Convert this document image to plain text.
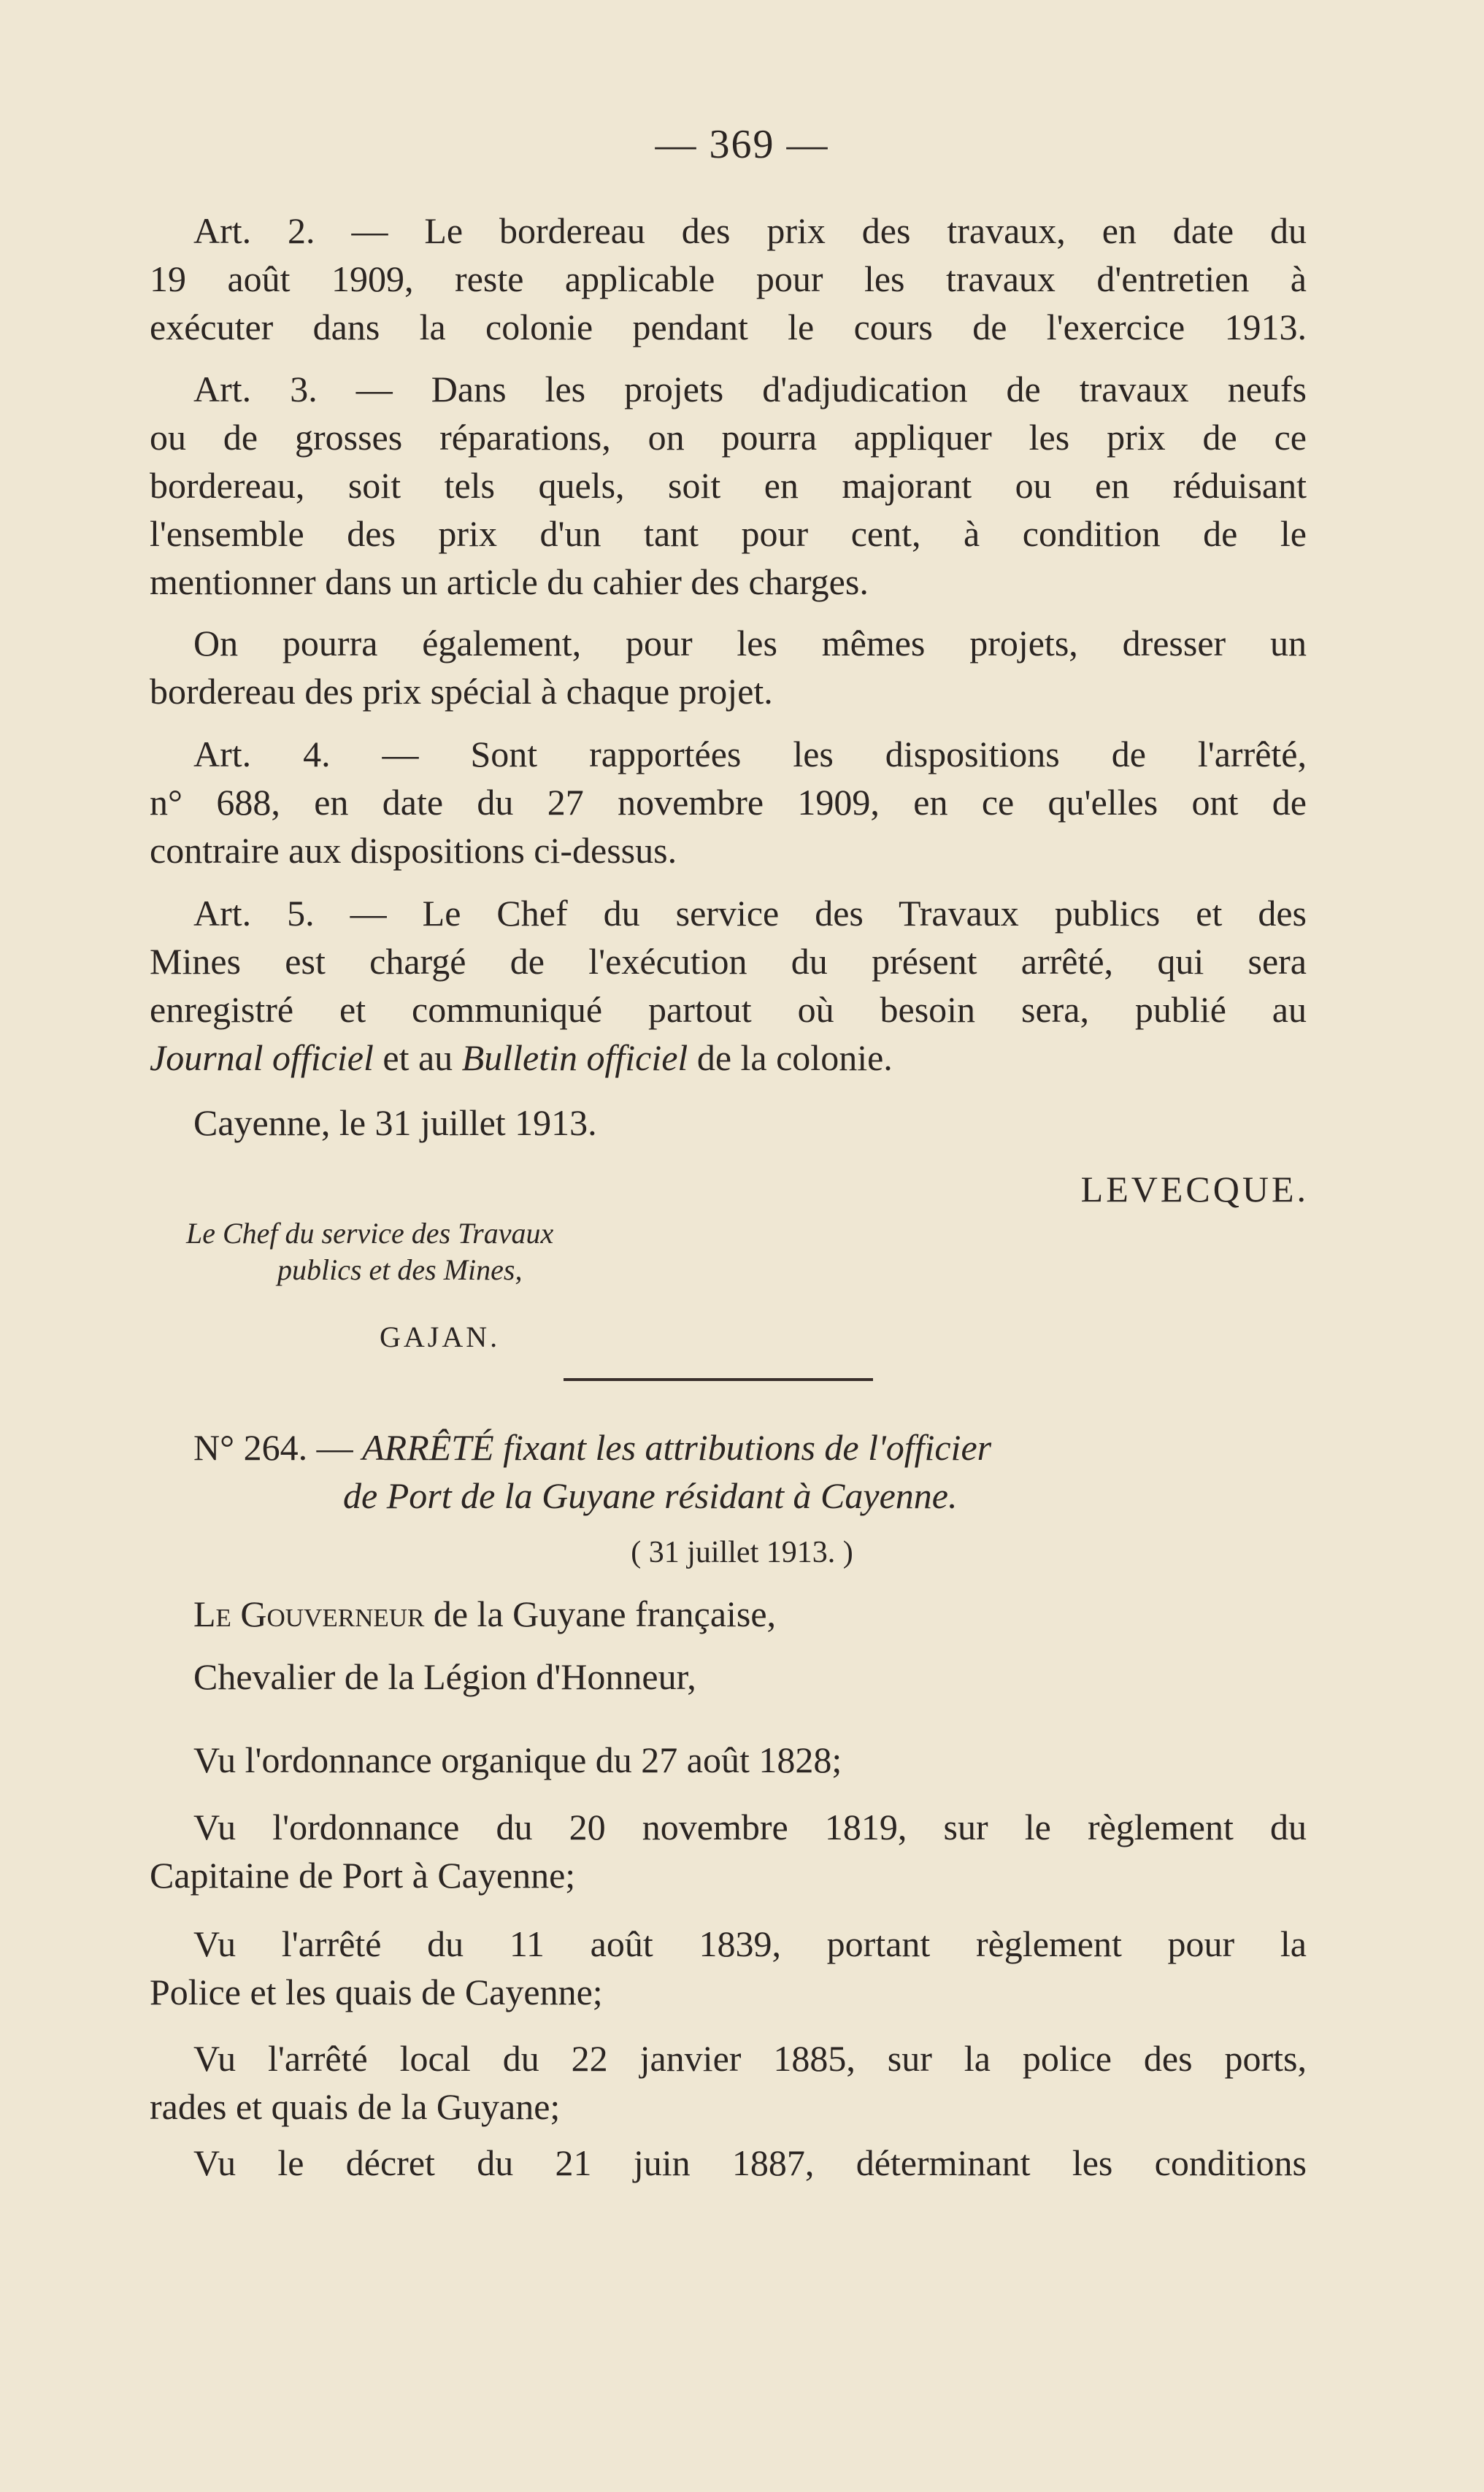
— 369 —

Art. 2. — Le bordereau des prix des travaux, en date du
19 août 1909, reste applicable pour les travaux d'entretien à
exécuter dans la colonie pendant le cours de l'exercice 1913.

Art. 3. — Dans les projets d'adjudication de travaux neufs
ou de grosses réparations, on pourra appliquer les prix de ce
bordereau, soit tels quels, soit en majorant ou en réduisant
l'ensemble des prix d'un tant pour cent, à condition de le
mentionner dans un article du cahier des charges.

On pourra également, pour les mêmes projets, dresser un
bordereau des prix spécial à chaque projet.

Art. 4. — Sont rapportées les dispositions de l'arrêté,
n° 688, en date du 27 novembre 1909, en ce qu'elles ont de
contraire aux dispositions ci-dessus.

Art. 5. — Le Chef du service des Travaux publics et des
Mines est chargé de l'exécution du présent arrêté, qui sera
enregistré et communiqué partout où besoin sera, publié au
Journal officiel et au Bulletin officiel de la colonie.

Cayenne, le 31 juillet 1913.

LEVECQUE.
Le Chef du service des Travaux
publics et des Mines,
GAJAN.
N° 264. — ARRÊTÉ fixant les attributions de l'officier
de Port de la Guyane résidant à Cayenne.
( 31 juillet 1913. )

Le Gouverneur de la Guyane française,

Chevalier de la Légion d'Honneur,

Vu l'ordonnance organique du 27 août 1828;

Vu l'ordonnance du 20 novembre 1819, sur le règlement du
Capitaine de Port à Cayenne;

Vu l'arrêté du 11 août 1839, portant règlement pour la
Police et les quais de Cayenne;

Vu l'arrêté local du 22 janvier 1885, sur la police des ports,
rades et quais de la Guyane;

Vu le décret du 21 juin 1887, déterminant les conditions
